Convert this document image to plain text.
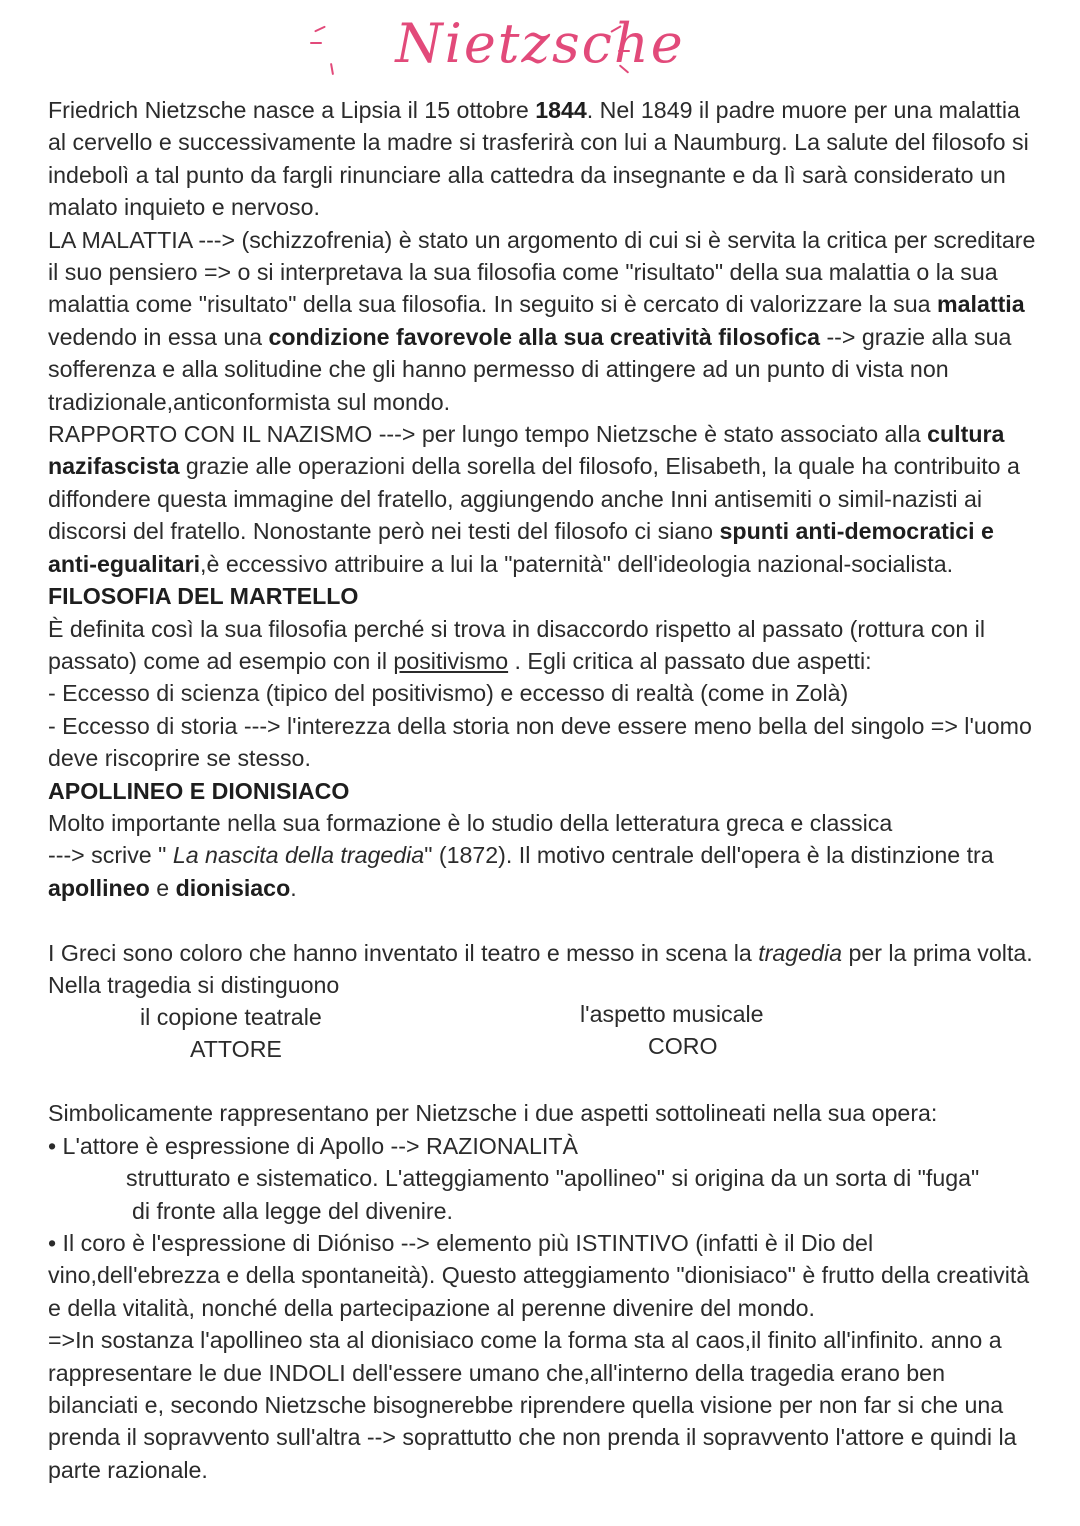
Nietzsche

Friedrich Nietzsche nasce a Lipsia il 15 ottobre 1844. Nel 1849 il padre muore per una malattia al cervello e successivamente la madre si trasferirà con lui a Naumburg. La salute del filosofo si indebolì a tal punto da fargli rinunciare alla cattedra da insegnante e da lì sarà considerato un malato inquieto e nervoso.

LA MALATTIA ---> (schizzofrenia) è stato un argomento di cui si è servita la critica per screditare il suo pensiero => o si interpretava la sua filosofia come "risultato" della sua malattia o la sua malattia come "risultato" della sua filosofia. In seguito si è cercato di valorizzare la sua malattia vedendo in essa una condizione favorevole alla sua creatività filosofica --> grazie alla sua sofferenza e alla solitudine che gli hanno permesso di attingere ad un punto di vista non tradizionale,anticonformista sul mondo.

RAPPORTO CON IL NAZISMO ---> per lungo tempo Nietzsche è stato associato alla cultura nazifascista grazie alle operazioni della sorella del filosofo, Elisabeth, la quale ha contribuito a diffondere questa immagine del fratello, aggiungendo anche Inni antisemiti o simil-nazisti ai discorsi del fratello. Nonostante però nei testi del filosofo ci siano spunti anti-democratici e anti-egualitari,è eccessivo attribuire a lui la "paternità" dell'ideologia nazional-socialista.

FILOSOFIA DEL MARTELLO

È definita così la sua filosofia perché si trova in disaccordo rispetto al passato (rottura con il passato) come ad esempio con il positivismo . Egli critica al passato due aspetti:

- Eccesso di scienza (tipico del positivismo) e eccesso di realtà (come in Zolà)

- Eccesso di storia ---> l'interezza della storia non deve essere meno bella del singolo => l'uomo deve riscoprire se stesso.

APOLLINEO E DIONISIACO

Molto importante nella sua formazione è lo studio della letteratura greca e classica
---> scrive " La nascita della tragedia" (1872). Il motivo centrale dell'opera è la distinzione tra apollineo e dionisiaco.

I Greci sono coloro che hanno inventato il teatro e messo in scena la tragedia per la prima volta. Nella tragedia si distinguono

il copione teatrale
ATTORE
l'aspetto musicale
CORO

Simbolicamente rappresentano per Nietzsche i due aspetti sottolineati nella sua opera:

• L'attore è espressione di Apollo --> RAZIONALITÀ

strutturato e sistematico. L'atteggiamento "apollineo" si origina da un sorta di "fuga"

di fronte alla legge del divenire.

• Il coro è l'espressione di Dióniso --> elemento più ISTINTIVO (infatti è il Dio del vino,dell'ebrezza e della spontaneità). Questo atteggiamento "dionisiaco" è frutto della creatività e della vitalità, nonché della partecipazione al perenne divenire del mondo.

=>In sostanza l'apollineo sta al dionisiaco come la forma sta al caos,il finito all'infinito. anno a rappresentare le due INDOLI dell'essere umano che,all'interno della tragedia erano ben bilanciati e, secondo Nietzsche bisognerebbe riprendere quella visione per non far si che una prenda il sopravvento sull'altra --> soprattutto che non prenda il sopravvento l'attore e quindi la parte razionale.
